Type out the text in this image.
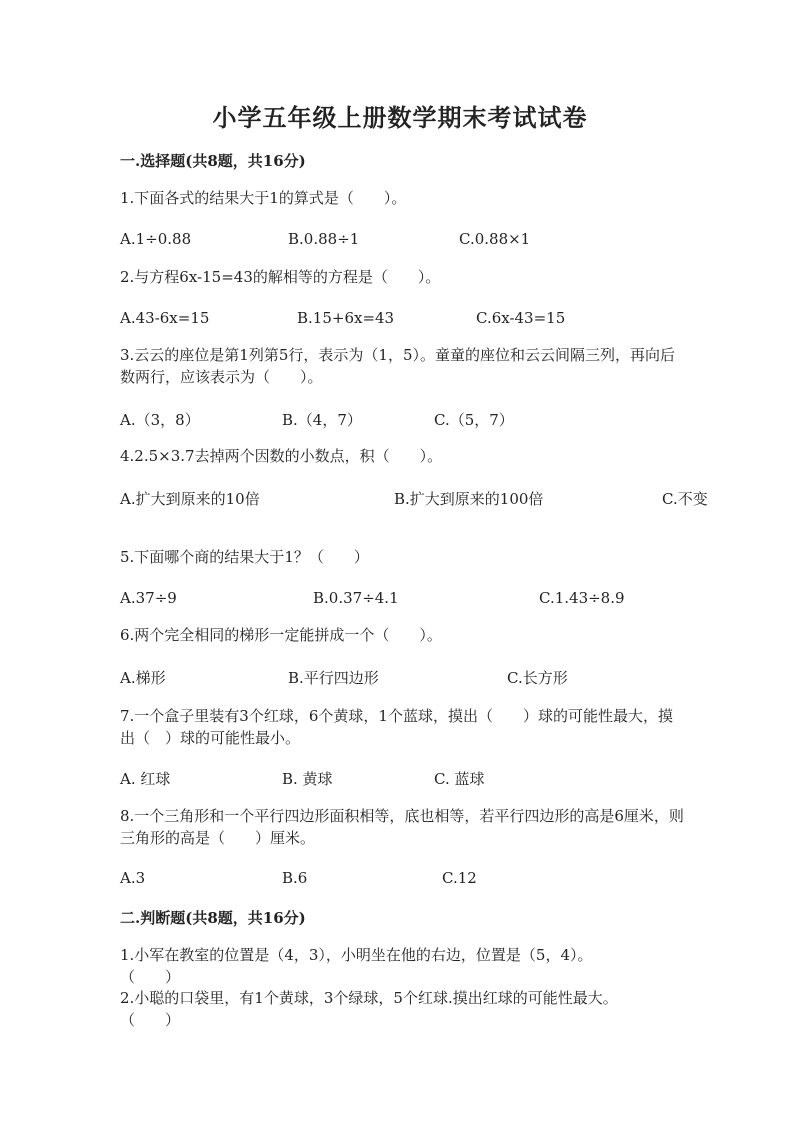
小学五年级上册数学期末考试试卷
一.选择题(共8题，共16分)
1.下面各式的结果大于1的算式是（　　）。
A.1÷0.88	B.0.88÷1	C.0.88×1
2.与方程6x-15=43的解相等的方程是（　　）。
A.43-6x=15	B.15+6x=43	C.6x-43=15
3.云云的座位是第1列第5行，表示为（1，5）。童童的座位和云云间隔三列，再向后数两行，应该表示为（　　）。
A.（3，8）	B.（4，7）	C.（5，7）
4.2.5×3.7去掉两个因数的小数点，积（　　）。
A.扩大到原来的10倍	B.扩大到原来的100倍	C.不变
5.下面哪个商的结果大于1？（　　）
A.37÷9	B.0.37÷4.1	C.1.43÷8.9
6.两个完全相同的梯形一定能拼成一个（　　）。
A.梯形	B.平行四边形	C.长方形
7.一个盒子里装有3个红球，6个黄球，1个蓝球，摸出（　　）球的可能性最大，摸出（　）球的可能性最小。
A. 红球	B. 黄球	C. 蓝球
8.一个三角形和一个平行四边形面积相等，底也相等，若平行四边形的高是6厘米，则三角形的高是（　　）厘米。
A.3	B.6	C.12
二.判断题(共8题，共16分)
1.小军在教室的位置是（4，3），小明坐在他的右边，位置是（5，4）。
（　　）
2.小聪的口袋里，有1个黄球，3个绿球，5个红球.摸出红球的可能性最大。
（　　）
